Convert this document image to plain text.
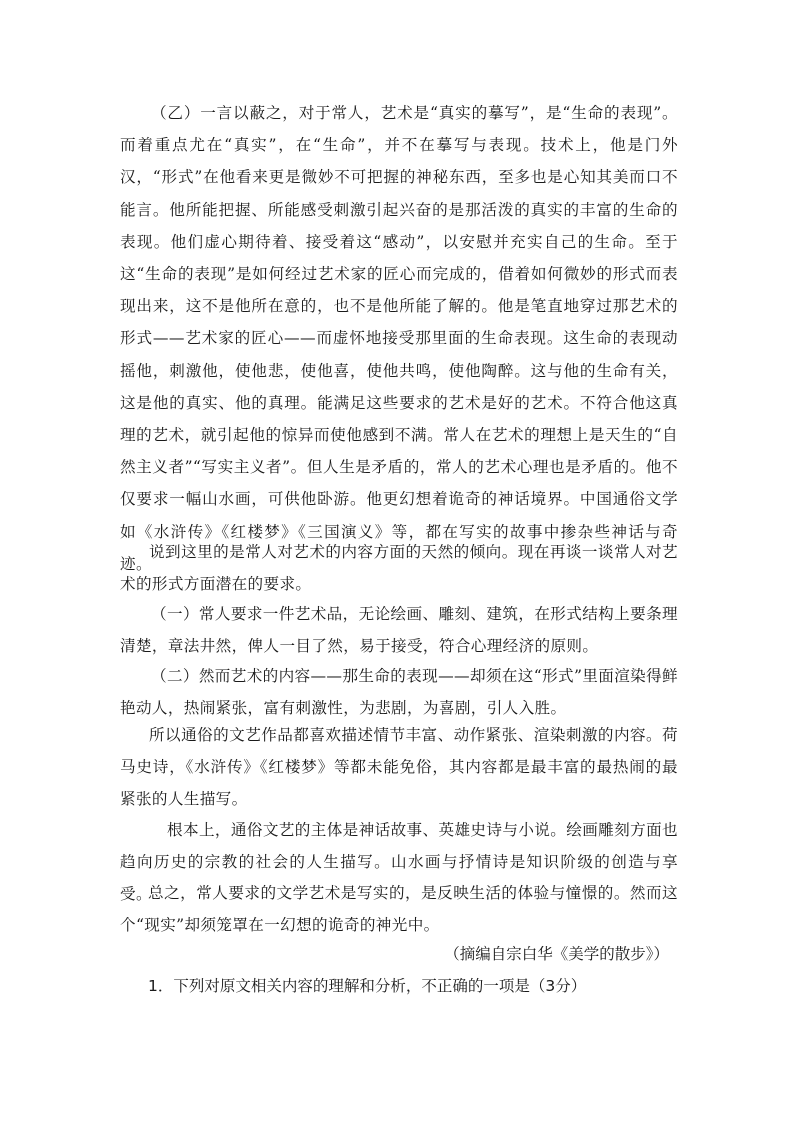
（乙）一言以蔽之，对于常人，艺术是“真实的摹写”，是“生命的表现”。而着重点尤在“真实”，在“生命”，并不在摹写与表现。技术上，他是门外汉，“形式”在他看来更是微妙不可把握的神秘东西，至多也是心知其美而口不能言。他所能把握、所能感受刺激引起兴奋的是那活泼的真实的丰富的生命的表现。他们虚心期待着、接受着这“感动”，以安慰并充实自己的生命。至于这“生命的表现”是如何经过艺术家的匠心而完成的，借着如何微妙的形式而表现出来，这不是他所在意的，也不是他所能了解的。他是笔直地穿过那艺术的形式——艺术家的匠心——而虚怀地接受那里面的生命表现。这生命的表现动摇他，刺激他，使他悲，使他喜，使他共鸣，使他陶醉。这与他的生命有关，这是他的真实、他的真理。能满足这些要求的艺术是好的艺术。不符合他这真理的艺术，就引起他的惊异而使他感到不满。常人在艺术的理想上是天生的“自然主义者”“写实主义者”。但人生是矛盾的，常人的艺术心理也是矛盾的。他不仅要求一幅山水画，可供他卧游。他更幻想着诡奇的神话境界。中国通俗文学如《水浒传》《红楼梦》《三国演义》等，都在写实的故事中掺杂些神话与奇迹。

说到这里的是常人对艺术的内容方面的天然的倾向。现在再谈一谈常人对艺术的形式方面潜在的要求。

（一）常人要求一件艺术品，无论绘画、雕刻、建筑，在形式结构上要条理清楚，章法井然，俾人一目了然，易于接受，符合心理经济的原则。

（二）然而艺术的内容——那生命的表现——却须在这“形式”里面渲染得鲜艳动人，热闹紧张，富有刺激性，为悲剧，为喜剧，引人入胜。

所以通俗的文艺作品都喜欢描述情节丰富、动作紧张、渲染刺激的内容。荷马史诗，《水浒传》《红楼梦》等都未能免俗，其内容都是最丰富的最热闹的最紧张的人生描写。

根本上，通俗文艺的主体是神话故事、英雄史诗与小说。绘画雕刻方面也趋向历史的宗教的社会的人生描写。山水画与抒情诗是知识阶级的创造与享受。

总之，常人要求的文学艺术是写实的，是反映生活的体验与憧憬的。然而这个“现实”却须笼罩在一幻想的诡奇的神光中。

（摘编自宗白华《美学的散步》）

1．下列对原文相关内容的理解和分析，不正确的一项是（3分）
